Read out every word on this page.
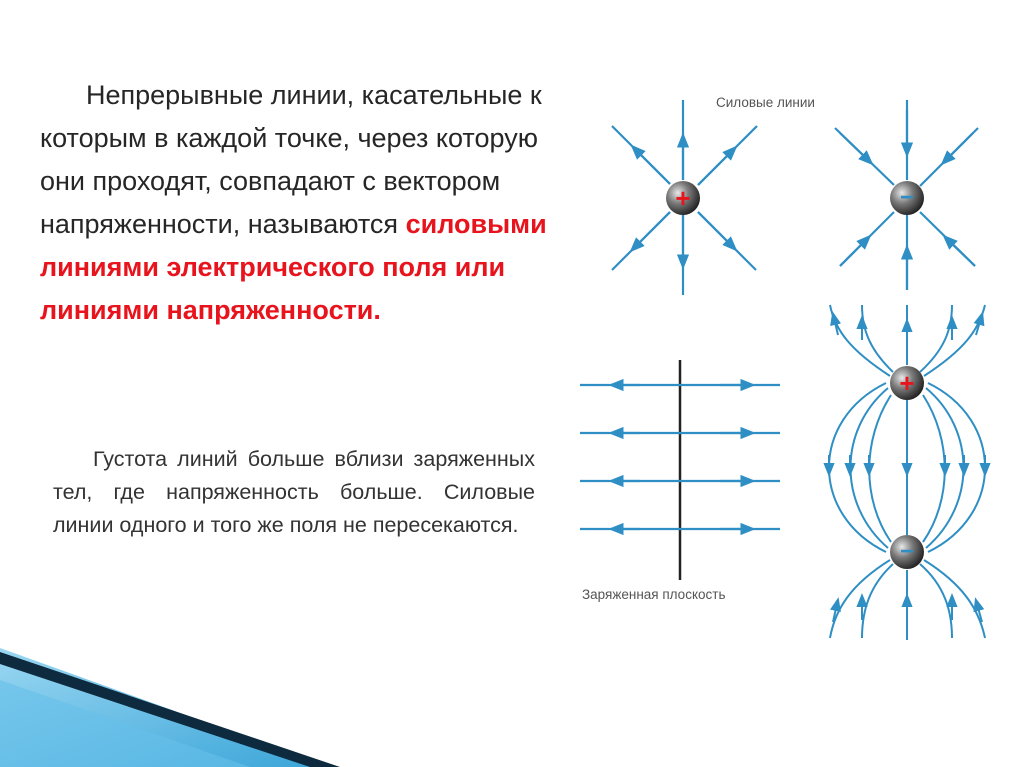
Непрерывные линии, касательные к которым в каждой точке, через которую они проходят, совпадают с вектором напряженности, называются силовыми линиями электрического поля или линиями напряженности.

Густота линий больше вблизи заряженных тел, где напряженность больше. Силовые линии одного и того же поля не пересекаются.

+	−
Силовые линии
Заряженная плоскость
+
−
